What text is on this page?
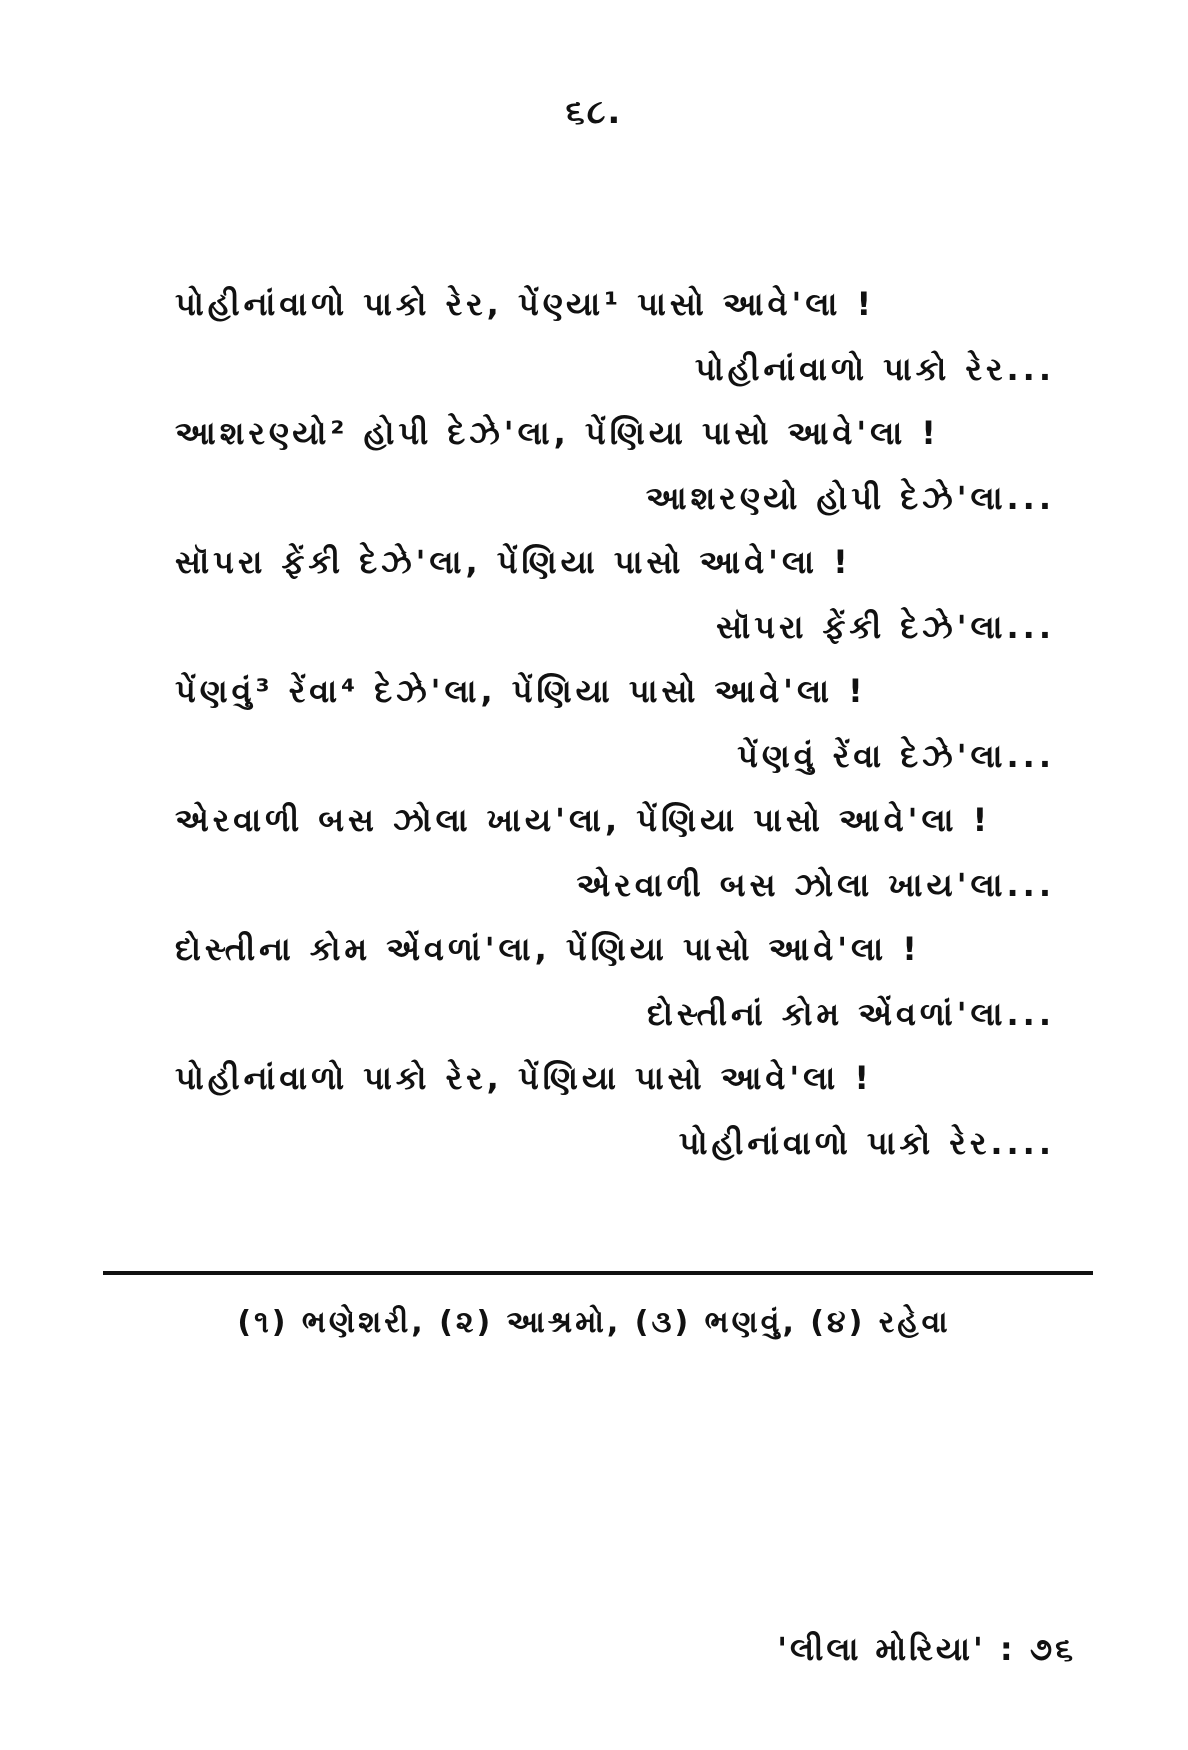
૬૮.
પોહીનાંવાળો પાકો રેર, પેંણ્યા¹ પાસો આવે'લા !
પોહીનાંવાળો પાકો રેર...
આશરણ્યો² હોપી દેઝે'લા, પેંણિયા પાસો આવે'લા !
આશરણ્યો હોપી દેઝે'લા...
સૉપરા ફેંકી દેઝે'લા, પેંણિયા પાસો આવે'લા !
સૉપરા ફેંકી દેઝે'લા...
પેંણવું³ રેંવા⁴ દેઝે'લા, પેંણિયા પાસો આવે'લા !
પેંણવું રેંવા દેઝે'લા...
એરવાળી બસ ઝોલા ખાય'લા, પેંણિયા પાસો આવે'લા !
એરવાળી બસ ઝોલા ખાય'લા...
દોસ્તીના કોમ એંવળાં'લા, પેંણિયા પાસો આવે'લા !
દોસ્તીનાં કોમ એંવળાં'લા...
પોહીનાંવાળો પાકો રેર, પેંણિયા પાસો આવે'લા !
પોહીનાંવાળો પાકો રેર....
(૧) ભણેશરી, (૨) આશ્રમો, (૩) ભણવું, (૪) રહેવા
'લીલા મોરિયા' : ૭૬
